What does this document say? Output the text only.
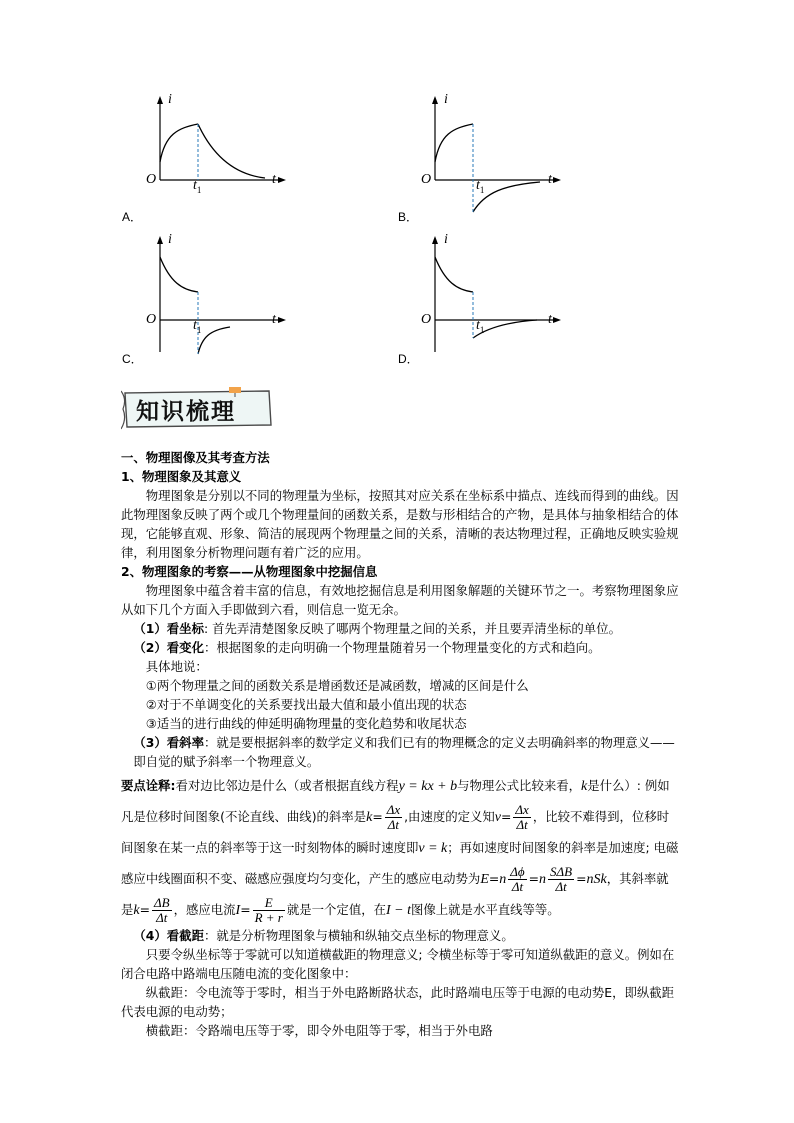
i
t
O	$t_1$
A．
i
t
O	$t_1$
B．
i
t
O	$t_1$
C．
i
t
O	$t_1$
D．
知识梳理
一、物理图像及其考查方法
1、物理图象及其意义
物理图象是分别以不同的物理量为坐标，按照其对应关系在坐标系中描点、连线而得到的曲线。因此物理图象反映了两个或几个物理量间的函数关系，是数与形相结合的产物，是具体与抽象相结合的体现，它能够直观、形象、简洁的展现两个物理量之间的关系，清晰的表达物理过程，正确地反映实验规律，利用图象分析物理问题有着广泛的应用。
2、物理图象的考察——从物理图象中挖掘信息
物理图象中蕴含着丰富的信息，有效地挖掘信息是利用图象解题的关键环节之一。考察物理图象应从如下几个方面入手即做到六看，则信息一览无余。
（1）看坐标: 首先弄清楚图象反映了哪两个物理量之间的关系，并且要弄清坐标的单位。
（2）看变化：根据图象的走向明确一个物理量随着另一个物理量变化的方式和趋向。
具体地说：
①两个物理量之间的函数关系是增函数还是减函数，增减的区间是什么
②对于不单调变化的关系要找出最大值和最小值出现的状态
③适当的进行曲线的伸延明确物理量的变化趋势和收尾状态
（3）看斜率：就是要根据斜率的数学定义和我们已有的物理概念的定义去明确斜率的物理意义——即自觉的赋予斜率一个物理意义。
要点诠释:看对边比邻边是什么（或者根据直线方程y = kx + b与物理公式比较来看，k是什么）: 例如凡是位移时间图象(不论直线、曲线)的斜率是$k= \frac{\Delta x}{\Delta t}$ ,由速度的定义知$v= \frac{\Delta x}{\Delta t}$ ，比较不难得到，位移时间图象在某一点的斜率等于这一时刻物体的瞬时速度即v = k；再如速度时间图象的斜率是加速度; 电磁感应中线圈面积不变、磁感应强度均匀变化，产生的感应电动势为$E=n \frac{\Delta\phi}{\Delta t} =n \frac{\text{SΔB}}{\Delta t} =nSk$，其斜率就是$k= \frac{\Delta B}{\Delta t}$ ，感应电流$I= \frac{E}{R + r}$ 就是一个定值，在I − t图像上就是水平直线等等。
（4）看截距：就是分析物理图象与横轴和纵轴交点坐标的物理意义。
只要令纵坐标等于零就可以知道横截距的物理意义; 令横坐标等于零可知道纵截距的意义。例如在闭合电路中路端电压随电流的变化图象中：
纵截距：令电流等于零时，相当于外电路断路状态，此时路端电压等于电源的电动势E，即纵截距代表电源的电动势；
横截距：令路端电压等于零，即令外电阻等于零，相当于外电路
